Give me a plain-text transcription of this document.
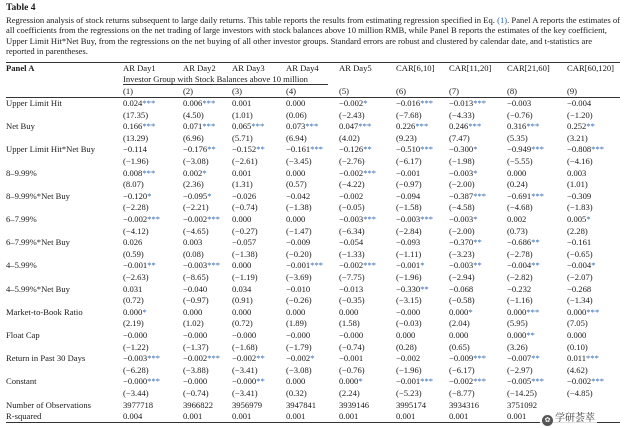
Table 4
Regression analysis of stock returns subsequent to large daily returns. This table reports the results from estimating regression specified in Eq. (1). Panel A reports the estimates of all coefficients from the regressions on the net trading of large investors with stock balances above 10 million RMB, while Panel B reports the estimates of the key coefficient, Upper Limit Hit*Net Buy, from the regressions on the net buying of all other investor groups. Standard errors are robust and clustered by calendar date, and t-statistics are reported in parentheses.
Panel A	AR Day1	AR Day2 AR Day3 AR Day4 AR Day5	CAR[6,10] CAR[11,20] CAR[21,60] CAR[60,120]
Investor Group with Stock Balances above 10 million
(1)	(2)	(3)	(4)	(5)	(6)	(7)	(8)	(9)
Upper Limit Hit	0.024***	0.006*** 0.001	0.000	−0.002*	−0.016*** −0.013*** −0.003	−0.004
(17.35)	(4.50)	(1.01)	(0.06)	(−2.43)	(−7.68)	(−4.33)	(−0.76)	(−1.20)
Net Buy	0.166***	0.071*** 0.065***	0.073*** 0.047***	0.226*** 0.246***	0.316***	0.252**
(13.29)	(6.96)	(5.71)	(6.94)	(4.02)	(9.23)	(7.47)	(5.35)	(3.21)
Upper Limit Hit*Net Buy	−0.114	−0.176** −0.152** −0.161*** −0.126**	−0.510*** −0.300*	−0.949***	−0.808***
(−1.96)	(−3.08)	(−2.61)	(−3.45)	(−2.76)	(−6.17)	(−1.98)	(−5.55)	(−4.16)
8–9.99%	0.008***	0.002*	0.001	0.000	−0.002*** −0.001	−0.003*	0.000	0.003
(8.07)	(2.36)	(1.31)	(0.57)	(−4.22)	(−0.97)	(−2.00)	(0.24)	(1.01)
8–9.99%*Net Buy	−0.120*	−0.095* −0.026	−0.042	−0.002	−0.094	−0.387*** −0.691***	−0.309
(−2.28)	(−2.21)	(−0.74)	(−1.38)	(−0.05)	(−1.58)	(−4.58)	(−4.68)	(−1.83)
6–7.99%	−0.002***	−0.002*** 0.000	0.000	−0.003*** −0.003*** −0.003*	0.002	0.005*
(−4.12)	(−4.65)	(−0.27)	(−1.47)	(−6.34)	(−2.84)	(−2.00)	(0.73)	(2.28)
6–7.99%*Net Buy	0.026	0.003	−0.057	−0.009	−0.054	−0.093	−0.370**	−0.686**	−0.161
(0.59)	(0.08)	(−1.38)	(−0.20)	(−1.33)	(−1.11)	(−3.23)	(−2.78)	(−0.65)
4–5.99%	−0.001**	−0.003*** 0.000	−0.001*** −0.002*** −0.001*	−0.003**	−0.004**	−0.004*
(−2.63)	(−8.65)	(−1.19)	(−3.69)	(−7.75)	(−1.96)	(−2.94)	(−2.82)	(−2.07)
4–5.99%*Net Buy	0.031	−0.040	0.034	−0.010	−0.013	−0.330** −0.068	−0.232	−0.268
(0.72)	(−0.97)	(0.91)	(−0.26)	(−0.35)	(−3.15)	(−0.58)	(−1.16)	(−1.34)
Market-to-Book Ratio	0.000*	0.000	0.000	0.000	0.000	−0.000	0.000*	0.000***	0.000***
(2.19)	(1.02)	(0.72)	(1.89)	(1.58)	(−0.03)	(2.04)	(5.95)	(7.05)
Float Cap	−0.000	−0.000	−0.000	−0.000	−0.000	0.000	0.000	0.000**	0.000
(−1.22)	(−1.37)	(−1.68)	(−1.79)	(−0.74)	(0.28)	(0.65)	(3.26)	(0.10)
Return in Past 30 Days	−0.003***	−0.002*** −0.002** −0.002*	−0.001	−0.002	−0.009*** −0.007**	0.011***
(−6.28)	(−3.88)	(−3.41)	(−3.08)	(−0.76)	(−1.96)	(−6.17)	(−2.97)	(4.62)
Constant	−0.000***	−0.000	−0.000** 0.000	0.000*	−0.001*** −0.002*** −0.005***	−0.002***
(−3.44)	(−0.74)	(−3.41)	(0.32)	(2.24)	(−5.23)	(−8.77)	(−14.25)	(−4.85)
Number of Observations	3977718	3966822 3956979	3947841	3939146	3995174	3934316	3751092
R-squared	0.004	0.001	0.001	0.001	0.001	0.001	0.001	0.001	✿ 学研荟萃
